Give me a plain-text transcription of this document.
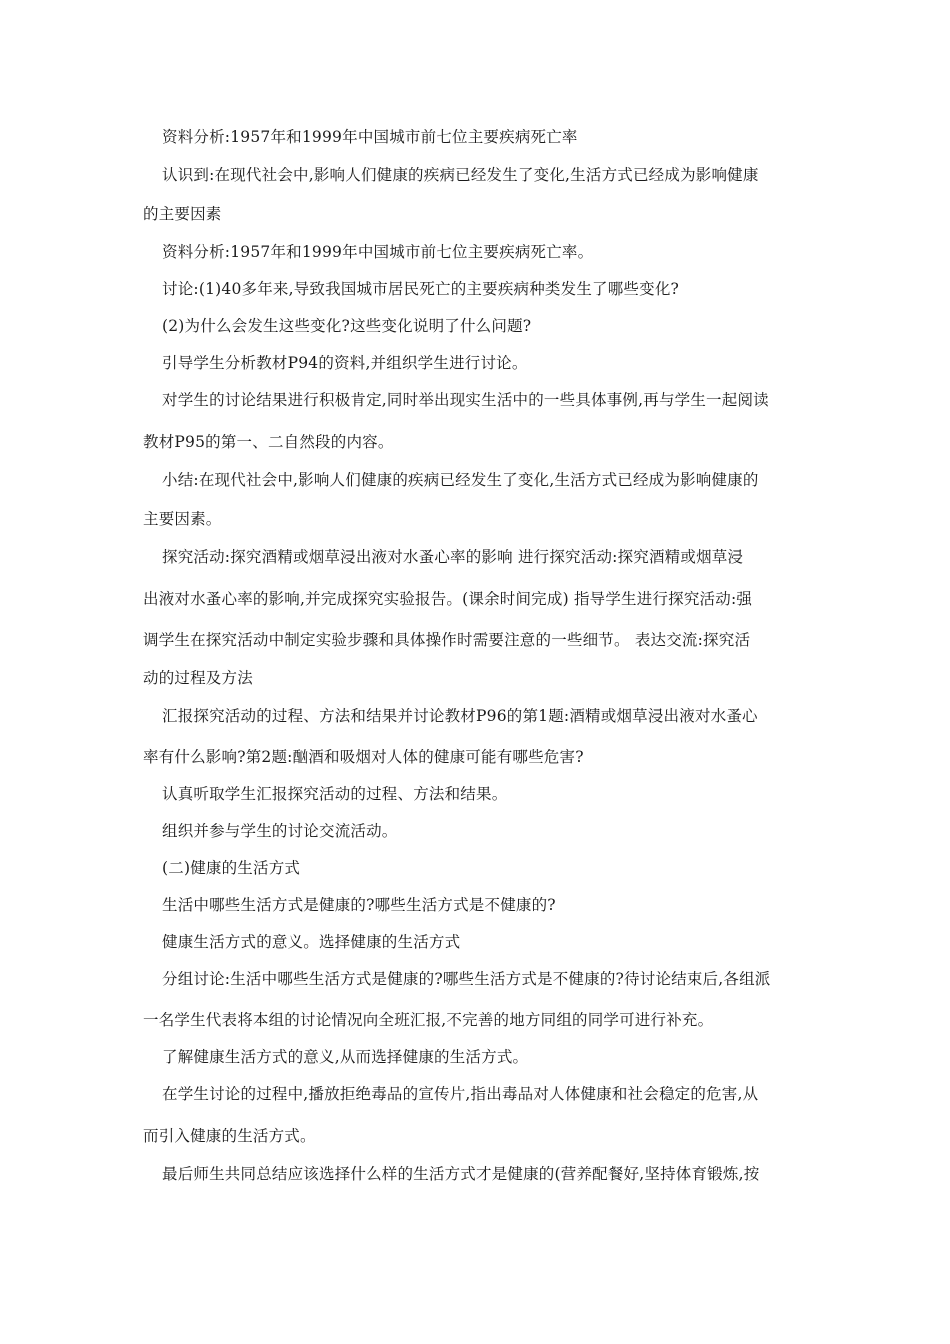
资料分析:1957年和1999年中国城市前七位主要疾病死亡率
认识到:在现代社会中,影响人们健康的疾病已经发生了变化,生活方式已经成为影响健康
的主要因素
资料分析:1957年和1999年中国城市前七位主要疾病死亡率。
讨论:(1)40多年来,导致我国城市居民死亡的主要疾病种类发生了哪些变化?
(2)为什么会发生这些变化?这些变化说明了什么问题?
引导学生分析教材P94的资料,并组织学生进行讨论。
对学生的讨论结果进行积极肯定,同时举出现实生活中的一些具体事例,再与学生一起阅读
教材P95的第一、二自然段的内容。
小结:在现代社会中,影响人们健康的疾病已经发生了变化,生活方式已经成为影响健康的
主要因素。
探究活动:探究酒精或烟草浸出液对水蚤心率的影响 进行探究活动:探究酒精或烟草浸
出液对水蚤心率的影响,并完成探究实验报告。(课余时间完成) 指导学生进行探究活动:强
调学生在探究活动中制定实验步骤和具体操作时需要注意的一些细节。 表达交流:探究活
动的过程及方法
汇报探究活动的过程、方法和结果并讨论教材P96的第1题:酒精或烟草浸出液对水蚤心
率有什么影响?第2题:酗酒和吸烟对人体的健康可能有哪些危害?
认真听取学生汇报探究活动的过程、方法和结果。
组织并参与学生的讨论交流活动。
(二)健康的生活方式
生活中哪些生活方式是健康的?哪些生活方式是不健康的?
健康生活方式的意义。选择健康的生活方式
分组讨论:生活中哪些生活方式是健康的?哪些生活方式是不健康的?待讨论结束后,各组派
一名学生代表将本组的讨论情况向全班汇报,不完善的地方同组的同学可进行补充。
了解健康生活方式的意义,从而选择健康的生活方式。
在学生讨论的过程中,播放拒绝毒品的宣传片,指出毒品对人体健康和社会稳定的危害,从
而引入健康的生活方式。
最后师生共同总结应该选择什么样的生活方式才是健康的(营养配餐好,坚持体育锻炼,按
